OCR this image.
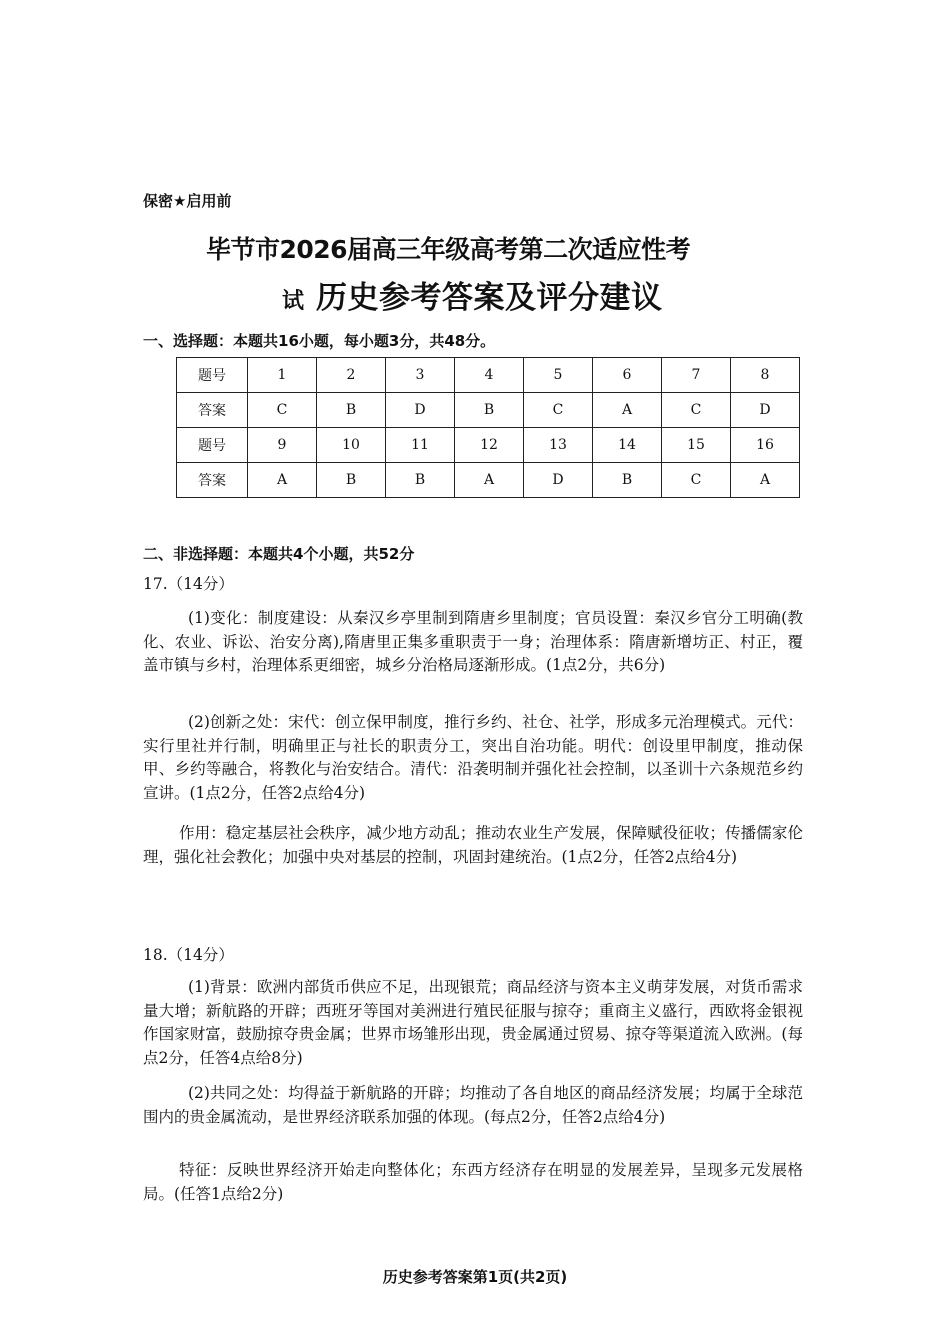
保密★启用前
毕节市2026届高三年级高考第二次适应性考
试 历史参考答案及评分建议
一、选择题：本题共16小题，每小题3分，共48分。
题号	1	2	3	4	5	6	7	8
答案	C	B	D	B	C	A	C	D
题号	9	10	11	12	13	14	15	16
答案	A	B	B	A	D	B	C	A
二、非选择题：本题共4个小题，共52分
17.（14分）
(1)变化：制度建设：从秦汉乡亭里制到隋唐乡里制度；官员设置：秦汉乡官分工明确(教化、农业、诉讼、治安分离),隋唐里正集多重职责于一身；治理体系：隋唐新增坊正、村正，覆盖市镇与乡村，治理体系更细密，城乡分治格局逐渐形成。(1点2分，共6分)
(2)创新之处：宋代：创立保甲制度，推行乡约、社仓、社学，形成多元治理模式。元代：实行里社并行制，明确里正与社长的职责分工，突出自治功能。明代：创设里甲制度，推动保甲、乡约等融合，将教化与治安结合。清代：沿袭明制并强化社会控制，以圣训十六条规范乡约宣讲。(1点2分，任答2点给4分)
作用：稳定基层社会秩序，减少地方动乱；推动农业生产发展，保障赋役征收；传播儒家伦理，强化社会教化；加强中央对基层的控制，巩固封建统治。(1点2分，任答2点给4分)
18.（14分）
(1)背景：欧洲内部货币供应不足，出现银荒；商品经济与资本主义萌芽发展，对货币需求量大增；新航路的开辟；西班牙等国对美洲进行殖民征服与掠夺；重商主义盛行，西欧将金银视作国家财富，鼓励掠夺贵金属；世界市场雏形出现，贵金属通过贸易、掠夺等渠道流入欧洲。(每点2分，任答4点给8分)
(2)共同之处：均得益于新航路的开辟；均推动了各自地区的商品经济发展；均属于全球范围内的贵金属流动，是世界经济联系加强的体现。(每点2分，任答2点给4分)
特征：反映世界经济开始走向整体化；东西方经济存在明显的发展差异，呈现多元发展格局。(任答1点给2分)
历史参考答案第1页(共2页)
